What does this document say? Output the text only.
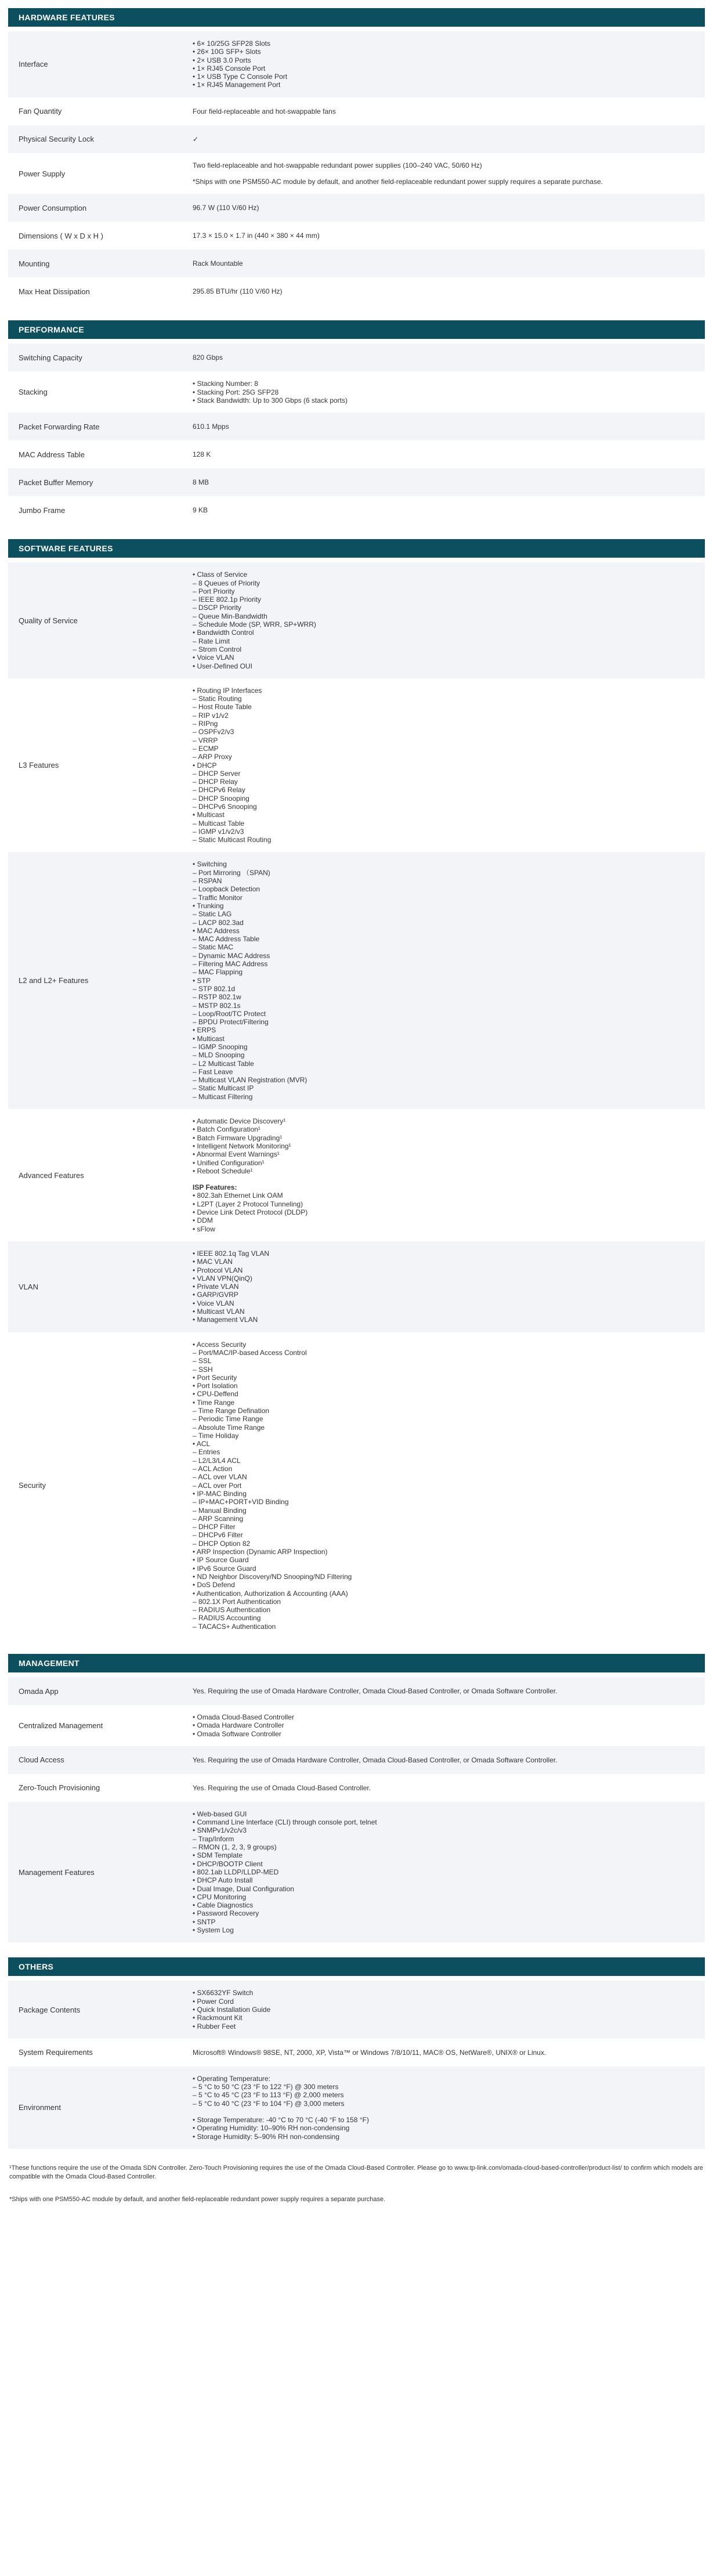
HARDWARE FEATURES
Interface
• 6× 10/25G SFP28 Slots
• 26× 10G SFP+ Slots
• 2× USB 3.0 Ports
• 1× RJ45 Console Port
• 1× USB Type C Console Port
• 1× RJ45 Management Port
Fan Quantity	Four field-replaceable and hot-swappable fans
Physical Security Lock	✓
Power Supply
Two field-replaceable and hot-swappable redundant power supplies (100–240 VAC, 50/60 Hz)
*Ships with one PSM550-AC module by default, and another field-replaceable redundant power supply requires a separate purchase.
Power Consumption	96.7 W (110 V/60 Hz)
Dimensions ( W x D x H )	17.3 × 15.0 × 1.7 in (440 × 380 × 44 mm)
Mounting	Rack Mountable
Max Heat Dissipation	295.85 BTU/hr (110 V/60 Hz)
PERFORMANCE
Switching Capacity	820 Gbps
Stacking
• Stacking Number: 8
• Stacking Port: 25G SFP28
• Stack Bandwidth: Up to 300 Gbps (6 stack ports)
Packet Forwarding Rate	610.1 Mpps
MAC Address Table	128 K
Packet Buffer Memory	8 MB
Jumbo Frame	9 KB
SOFTWARE FEATURES
Quality of Service
• Class of Service
– 8 Queues of Priority
– Port Priority
– IEEE 802.1p Priority
– DSCP Priority
– Queue Min-Bandwidth
– Schedule Mode (SP, WRR, SP+WRR)
• Bandwidth Control
– Rate Limit
– Strom Control
• Voice VLAN
• User-Defined OUI
L3 Features
• Routing IP Interfaces
– Static Routing
– Host Route Table
– RIP v1/v2
– RIPng
– OSPFv2/v3
– VRRP
– ECMP
– ARP Proxy
• DHCP
– DHCP Server
– DHCP Relay
– DHCPv6 Relay
– DHCP Snooping
– DHCPv6 Snooping
• Multicast
– Multicast Table
– IGMP v1/v2/v3
– Static Multicast Routing
L2 and L2+ Features
• Switching
– Port Mirroring （SPAN)
– RSPAN
– Loopback Detection
– Traffic Monitor
• Trunking
– Static LAG
– LACP 802.3ad
• MAC Address
– MAC Address Table
– Static MAC
– Dynamic MAC Address
– Filtering MAC Address
– MAC Flapping
• STP
– STP 802.1d
– RSTP 802.1w
– MSTP 802.1s
– Loop/Root/TC Protect
– BPDU Protect/Filtering
• ERPS
• Multicast
– IGMP Snooping
– MLD Snooping
– L2 Multicast Table
– Fast Leave
– Multicast VLAN Registration (MVR)
– Static Multicast IP
– Multicast Filtering
Advanced Features
• Automatic Device Discovery¹
• Batch Configuration¹
• Batch Firmware Upgrading¹
• Intelligent Network Monitoring¹
• Abnormal Event Warnings¹
• Unified Configuration¹
• Reboot Schedule¹
ISP Features:
• 802.3ah Ethernet Link OAM
• L2PT (Layer 2 Protocol Tunneling)
• Device Link Detect Protocol (DLDP)
• DDM
• sFlow
VLAN
• IEEE 802.1q Tag VLAN
• MAC VLAN
• Protocol VLAN
• VLAN VPN(QinQ)
• Private VLAN
• GARP/GVRP
• Voice VLAN
• Multicast VLAN
• Management VLAN
Security
• Access Security
– Port/MAC/IP-based Access Control
– SSL
– SSH
• Port Security
• Port Isolation
• CPU-Deffend
• Time Range
– Time Range Defination
– Periodic Time Range
– Absolute Time Range
– Time Holiday
• ACL
– Entries
– L2/L3/L4 ACL
– ACL Action
– ACL over VLAN
– ACL over Port
• IP-MAC Binding
– IP+MAC+PORT+VID Binding
– Manual Binding
– ARP Scanning
– DHCP Filter
– DHCPv6 Filter
– DHCP Option 82
• ARP Inspection (Dynamic ARP Inspection)
• IP Source Guard
• IPv6 Source Guard
• ND Neighbor Discovery/ND Snooping/ND Filtering
• DoS Defend
• Authentication, Authorization & Accounting (AAA)
– 802.1X Port Authentication
– RADIUS Authentication
– RADIUS Accounting
– TACACS+ Authentication
MANAGEMENT
Omada App	Yes. Requiring the use of Omada Hardware Controller, Omada Cloud-Based Controller, or Omada Software Controller.
Centralized Management
• Omada Cloud-Based Controller
• Omada Hardware Controller
• Omada Software Controller
Cloud Access	Yes. Requiring the use of Omada Hardware Controller, Omada Cloud-Based Controller, or Omada Software Controller.
Zero-Touch Provisioning	Yes. Requiring the use of Omada Cloud-Based Controller.
Management Features
• Web-based GUI
• Command Line Interface (CLI) through console port, telnet
• SNMPv1/v2c/v3
– Trap/Inform
– RMON (1, 2, 3, 9 groups)
• SDM Template
• DHCP/BOOTP Client
• 802.1ab LLDP/LLDP-MED
• DHCP Auto Install
• Dual Image, Dual Configuration
• CPU Monitoring
• Cable Diagnostics
• Password Recovery
• SNTP
• System Log
OTHERS
Package Contents
• SX6632YF Switch
• Power Cord
• Quick Installation Guide
• Rackmount Kit
• Rubber Feet
System Requirements	Microsoft® Windows® 98SE, NT, 2000, XP, Vista™ or Windows 7/8/10/11, MAC® OS, NetWare®, UNIX® or Linux.
Environment
• Operating Temperature:
– 5 °C to 50 °C (23 °F to 122 °F) @ 300 meters
– 5 °C to 45 °C (23 °F to 113 °F) @ 2,000 meters
– 5 °C to 40 °C (23 °F to 104 °F) @ 3,000 meters
• Storage Temperature: -40 °C to 70 °C (-40 °F to 158 °F)
• Operating Humidity: 10–90% RH non-condensing
• Storage Humidity: 5–90% RH non-condensing

¹These functions require the use of the Omada SDN Controller. Zero-Touch Provisioning requires the use of the Omada Cloud-Based Controller. Please go to www.tp-link.com/omada-cloud-based-controller/product-list/ to confirm which models are compatible with the Omada Cloud-Based Controller.

*Ships with one PSM550-AC module by default, and another field-replaceable redundant power supply requires a separate purchase.
